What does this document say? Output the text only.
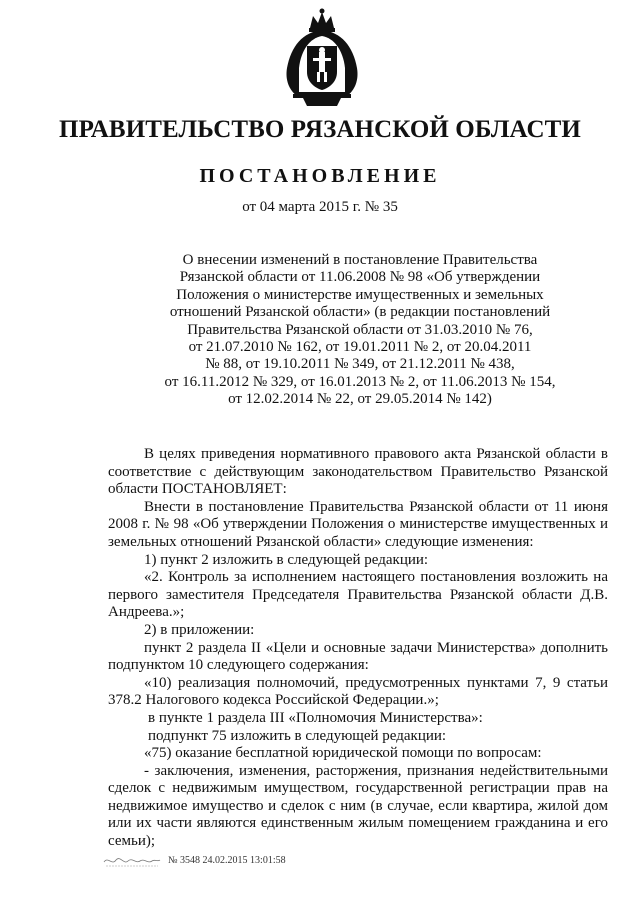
ПРАВИТЕЛЬСТВО РЯЗАНСКОЙ ОБЛАСТИ
ПОСТАНОВЛЕНИЕ
от 04 марта 2015 г. № 35
О внесении изменений в постановление Правительства
Рязанской области от 11.06.2008 № 98 «Об утверждении
Положения о министерстве имущественных и земельных
отношений Рязанской области» (в редакции постановлений
Правительства Рязанской области от 31.03.2010 № 76,
от 21.07.2010 № 162, от 19.01.2011 № 2, от 20.04.2011
№ 88, от 19.10.2011 № 349, от 21.12.2011 № 438,
от 16.11.2012 № 329, от 16.01.2013 № 2, от 11.06.2013 № 154,
от 12.02.2014 № 22, от 29.05.2014 № 142)

В целях приведения нормативного правового акта Рязанской области в соответствие с действующим законодательством Правительство Рязанской области ПОСТАНОВЛЯЕТ:

Внести в постановление Правительства Рязанской области от 11 июня 2008 г. № 98 «Об утверждении Положения о министерстве имущественных и земельных отношений Рязанской области» следующие изменения:

1) пункт 2 изложить в следующей редакции:

«2. Контроль за исполнением настоящего постановления возложить на первого заместителя Председателя Правительства Рязанской области Д.В. Андреева.»;

2) в приложении:

пункт 2 раздела II «Цели и основные задачи Министерства» дополнить подпунктом 10 следующего содержания:

«10) реализация полномочий, предусмотренных пунктами 7, 9 статьи 378.2 Налогового кодекса Российской Федерации.»;

в пункте 1 раздела III «Полномочия Министерства»:

подпункт 75 изложить в следующей редакции:

«75) оказание бесплатной юридической помощи по вопросам:

- заключения, изменения, расторжения, признания недействительными сделок с недвижимым имуществом, государственной регистрации прав на недвижимое имущество и сделок с ним (в случае, если квартира, жилой дом или их части являются единственным жилым помещением гражданина и его семьи);

№ 3548 24.02.2015 13:01:58
